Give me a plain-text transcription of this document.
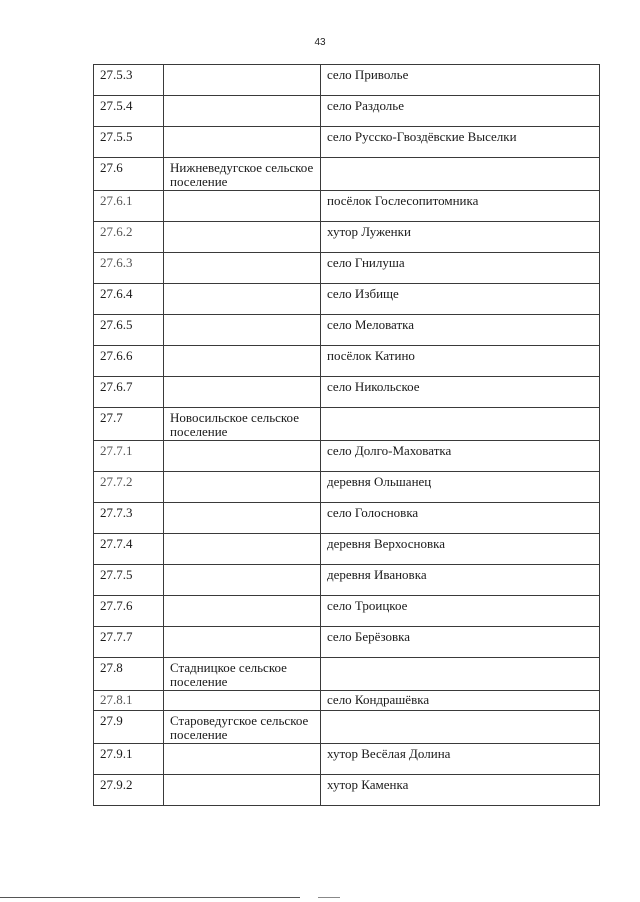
43
27.5.3		село Приволье
27.5.4		село Раздолье
27.5.5		село Русско-Гвоздёвские Выселки
27.6	Нижневедугское сельское поселение	
27.6.1		посёлок Гослесопитомника
27.6.2		хутор Луженки
27.6.3		село Гнилуша
27.6.4		село Избище
27.6.5		село Меловатка
27.6.6		посёлок Катино
27.6.7		село Никольское
27.7	Новосильское сельское поселение	
27.7.1		село Долго-Маховатка
27.7.2		деревня Ольшанец
27.7.3		село Голосновка
27.7.4		деревня Верхосновка
27.7.5		деревня Ивановка
27.7.6		село Троицкое
27.7.7		село Берёзовка
27.8	Стадницкое сельское поселение	
27.8.1		село Кондрашёвка
27.9	Староведугское сельское поселение	
27.9.1		хутор Весёлая Долина
27.9.2		хутор Каменка
